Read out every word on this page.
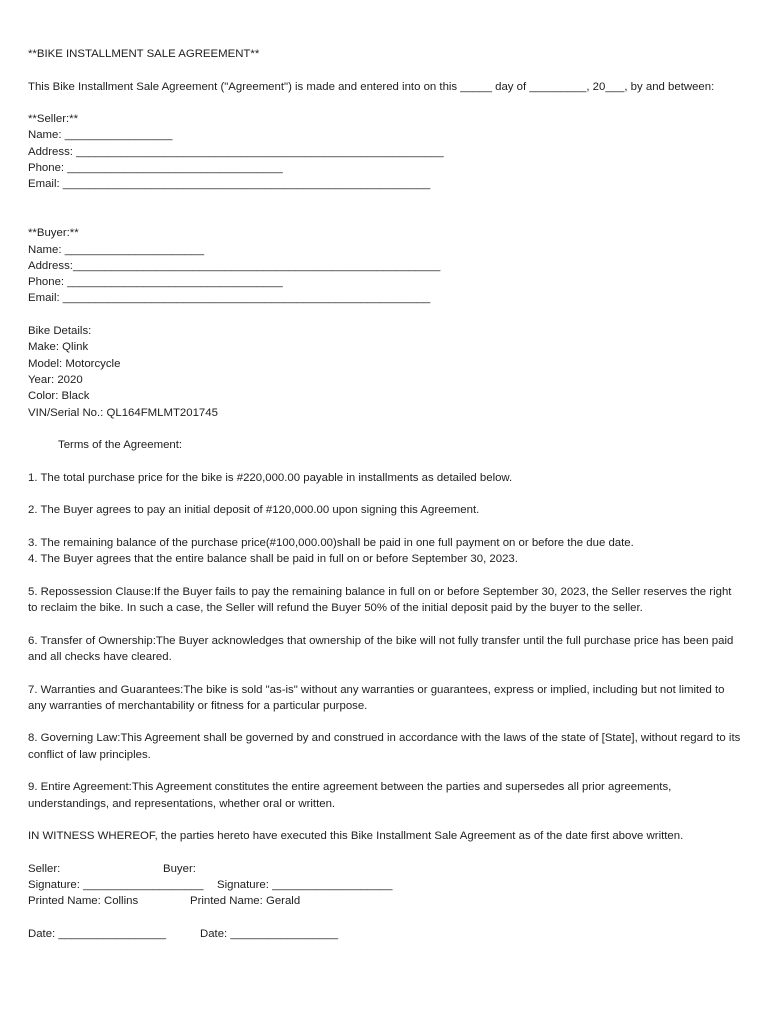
**BIKE INSTALLMENT SALE AGREEMENT**
This Bike Installment Sale Agreement ("Agreement") is made and entered into on this _____ day of _________, 20___, by and between:
**Seller:**
Name: _________________
Address: __________________________________________________________
Phone: __________________________________
Email: __________________________________________________________
**Buyer:**
Name: ______________________
Address:__________________________________________________________
Phone: __________________________________
Email: __________________________________________________________
Bike Details:
Make: Qlink
Model: Motorcycle
Year: 2020
Color: Black
VIN/Serial No.: QL164FMLMT201745
Terms of the Agreement:
1. The total purchase price for the bike is #220,000.00 payable in installments as detailed below.
2. The Buyer agrees to pay an initial deposit of #120,000.00 upon signing this Agreement.
3. The remaining balance of the purchase price(#100,000.00)shall be paid in one full payment on or before the due date.
4. The Buyer agrees that the entire balance shall be paid in full on or before September 30, 2023.
5. Repossession Clause:If the Buyer fails to pay the remaining balance in full on or before September 30, 2023, the Seller reserves the right to reclaim the bike. In such a case, the Seller will refund the Buyer 50% of the initial deposit paid by the buyer to the seller.
6. Transfer of Ownership:The Buyer acknowledges that ownership of the bike will not fully transfer until the full purchase price has been paid and all checks have cleared.
7. Warranties and Guarantees:The bike is sold "as-is" without any warranties or guarantees, express or implied, including but not limited to any warranties of merchantability or fitness for a particular purpose.
8. Governing Law:This Agreement shall be governed by and construed in accordance with the laws of the state of [State], without regard to its conflict of law principles.
9. Entire Agreement:This Agreement constitutes the entire agreement between the parties and supersedes all prior agreements, understandings, and representations, whether oral or written.
IN WITNESS WHEREOF, the parties hereto have executed this Bike Installment Sale Agreement as of the date first above written.
Seller:	Buyer:
Signature: ___________________	Signature: ___________________
Printed Name: Collins	Printed Name: Gerald
Date: _________________	Date: _________________
